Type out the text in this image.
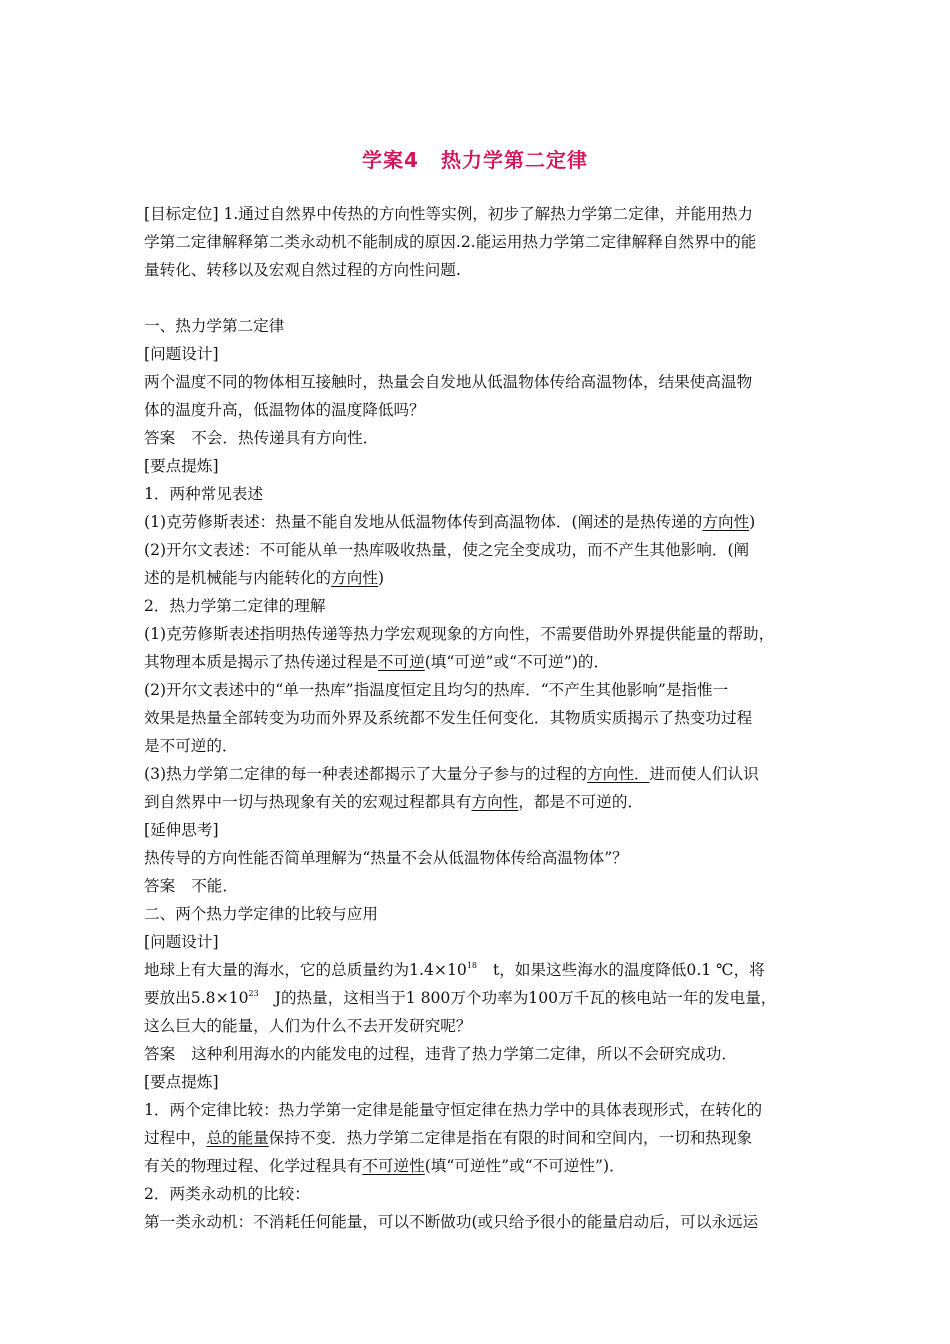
学案4 热力学第二定律

[目标定位] 1.通过自然界中传热的方向性等实例，初步了解热力学第二定律，并能用热力

学第二定律解释第二类永动机不能制成的原因.2.能运用热力学第二定律解释自然界中的能

量转化、转移以及宏观自然过程的方向性问题.

一、热力学第二定律

[问题设计]

两个温度不同的物体相互接触时，热量会自发地从低温物体传给高温物体，结果使高温物

体的温度升高，低温物体的温度降低吗？

答案 不会．热传递具有方向性．

[要点提炼]

1．两种常见表述

(1)克劳修斯表述：热量不能自发地从低温物体传到高温物体．(阐述的是热传递的方向性)

(2)开尔文表述：不可能从单一热库吸收热量，使之完全变成功，而不产生其他影响．(阐

述的是机械能与内能转化的方向性)

2．热力学第二定律的理解

(1)克劳修斯表述指明热传递等热力学宏观现象的方向性，不需要借助外界提供能量的帮助，

其物理本质是揭示了热传递过程是不可逆(填“可逆”或“不可逆”)的．

(2)开尔文表述中的“单一热库”指温度恒定且均匀的热库．“不产生其他影响”是指惟一

效果是热量全部转变为功而外界及系统都不发生任何变化．其物质实质揭示了热变功过程

是不可逆的．

(3)热力学第二定律的每一种表述都揭示了大量分子参与的过程的方向性．进而使人们认识

到自然界中一切与热现象有关的宏观过程都具有方向性，都是不可逆的．

[延伸思考]

热传导的方向性能否简单理解为“热量不会从低温物体传给高温物体”？

答案 不能．

二、两个热力学定律的比较与应用

[问题设计]

地球上有大量的海水，它的总质量约为$1.4\times 10^{18}$ t，如果这些海水的温度降低0.1 ℃，将

要放出$5.8\times 10^{23}$ J的热量，这相当于1 800万个功率为100万千瓦的核电站一年的发电量，

这么巨大的能量，人们为什么不去开发研究呢？

答案 这种利用海水的内能发电的过程，违背了热力学第二定律，所以不会研究成功．

[要点提炼]

1．两个定律比较：热力学第一定律是能量守恒定律在热力学中的具体表现形式，在转化的

过程中，总的能量保持不变．热力学第二定律是指在有限的时间和空间内，一切和热现象

有关的物理过程、化学过程具有不可逆性(填“可逆性”或“不可逆性”)．

2．两类永动机的比较：

第一类永动机：不消耗任何能量，可以不断做功(或只给予很小的能量启动后，可以永远运
